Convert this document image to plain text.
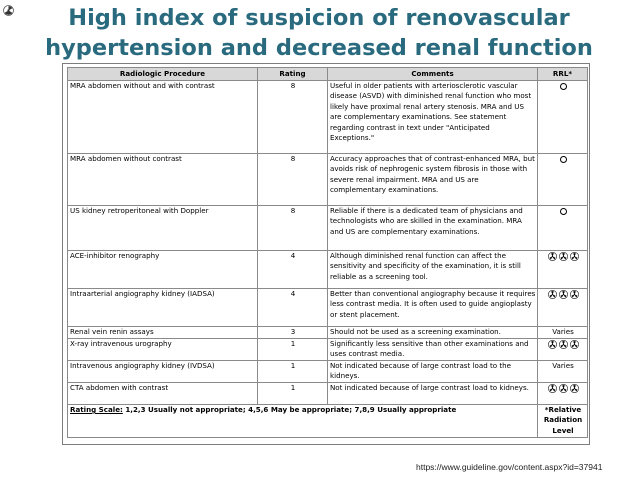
High index of suspicion of renovascular
hypertension and decreased renal function
Radiologic Procedure	Rating	Comments	RRL*
MRA abdomen without and with contrast	8	Useful in older patients with arteriosclerotic vascular disease (ASVD) with diminished renal function who most likely have proximal renal artery stenosis. MRA and US are complementary examinations. See statement regarding contrast in text under "Anticipated Exceptions."	
MRA abdomen without contrast	8	Accuracy approaches that of contrast-enhanced MRA, but avoids risk of nephrogenic system fibrosis in those with severe renal impairment. MRA and US are complementary examinations.	
US kidney retroperitoneal with Doppler	8	Reliable if there is a dedicated team of physicians and technologists who are skilled in the examination. MRA and US are complementary examinations.	
ACE-inhibitor renography	4	Although diminished renal function can affect the sensitivity and specificity of the examination, it is still reliable as a screening tool.	

Intraarterial angiography kidney (IADSA)	4	Better than conventional angiography because it requires less contrast media. It is often used to guide angioplasty or stent placement.	

Renal vein renin assays	3	Should not be used as a screening examination.	Varies
X-ray intravenous urography	1	Significantly less sensitive than other examinations and uses contrast media.	

Intravenous angiography kidney (IVDSA)	1	Not indicated because of large contrast load to the kidneys.	Varies
CTA abdomen with contrast	1	Not indicated because of large contrast load to kidneys.	

Rating Scale: 1,2,3 Usually not appropriate; 4,5,6 May be appropriate; 7,8,9 Usually appropriate			*Relative Radiation Level
https://www.guideline.gov/content.aspx?id=37941
